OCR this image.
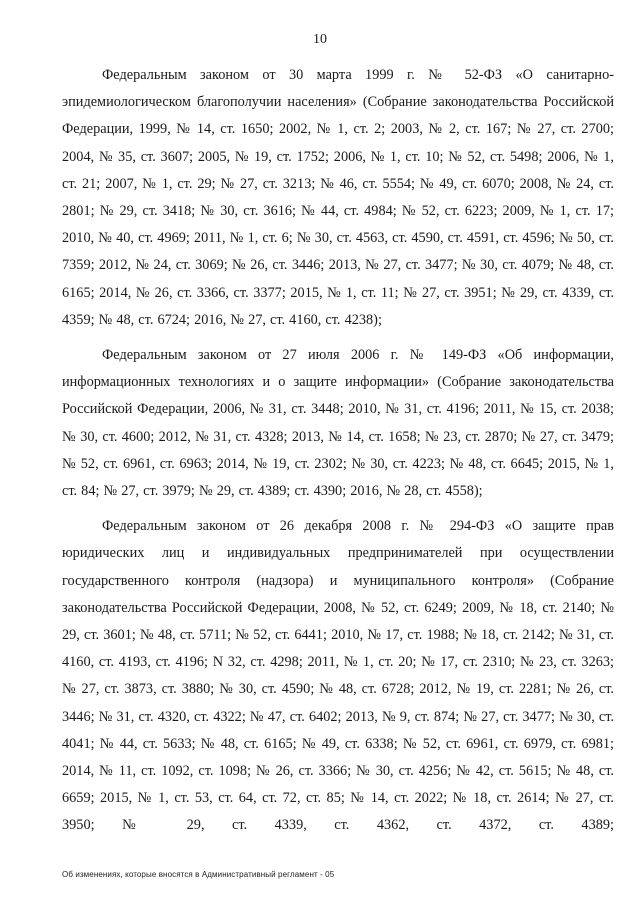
10

Федеральным законом от 30 марта 1999 г. № 52-ФЗ «О санитарно-эпидемиологическом благополучии населения» (Собрание законодательства Российской Федерации, 1999, № 14, ст. 1650; 2002, № 1, ст. 2; 2003, № 2, ст. 167; № 27, ст. 2700; 2004, № 35, ст. 3607; 2005, № 19, ст. 1752; 2006, № 1, ст. 10; № 52, ст. 5498; 2006, № 1, ст. 21; 2007, № 1, ст. 29; № 27, ст. 3213; № 46, ст. 5554; № 49, ст. 6070; 2008, № 24, ст. 2801; № 29, ст. 3418; № 30, ст. 3616; № 44, ст. 4984; № 52, ст. 6223; 2009, № 1, ст. 17; 2010, № 40, ст. 4969; 2011, № 1, ст. 6; № 30, ст. 4563, ст. 4590, ст. 4591, ст. 4596; № 50, ст. 7359; 2012, № 24, ст. 3069; № 26, ст. 3446; 2013, № 27, ст. 3477; № 30, ст. 4079; № 48, ст. 6165; 2014, № 26, ст. 3366, ст. 3377; 2015, № 1, ст. 11; № 27, ст. 3951; № 29, ст. 4339, ст. 4359; № 48, ст. 6724; 2016, № 27, ст. 4160, ст. 4238);

Федеральным законом от 27 июля 2006 г. № 149-ФЗ «Об информации, информационных технологиях и о защите информации» (Собрание законодательства Российской Федерации, 2006, № 31, ст. 3448; 2010, № 31, ст. 4196; 2011, № 15, ст. 2038; № 30, ст. 4600; 2012, № 31, ст. 4328; 2013, № 14, ст. 1658; № 23, ст. 2870; № 27, ст. 3479; № 52, ст. 6961, ст. 6963; 2014, № 19, ст. 2302; № 30, ст. 4223; № 48, ст. 6645; 2015, № 1, ст. 84; № 27, ст. 3979; № 29, ст. 4389; ст. 4390; 2016, № 28, ст. 4558);

Федеральным законом от 26 декабря 2008 г. № 294-ФЗ «О защите прав юридических лиц и индивидуальных предпринимателей при осуществлении государственного контроля (надзора) и муниципального контроля» (Собрание законодательства Российской Федерации, 2008, № 52, ст. 6249; 2009, № 18, ст. 2140; № 29, ст. 3601; № 48, ст. 5711; № 52, ст. 6441; 2010, № 17, ст. 1988; № 18, ст. 2142; № 31, ст. 4160, ст. 4193, ст. 4196; N 32, ст. 4298; 2011, № 1, ст. 20; № 17, ст. 2310; № 23, ст. 3263; № 27, ст. 3873, ст. 3880; № 30, ст. 4590; № 48, ст. 6728; 2012, № 19, ст. 2281; № 26, ст. 3446; № 31, ст. 4320, ст. 4322; № 47, ст. 6402; 2013, № 9, ст. 874; № 27, ст. 3477; № 30, ст. 4041; № 44, ст. 5633; № 48, ст. 6165; № 49, ст. 6338; № 52, ст. 6961, ст. 6979, ст. 6981; 2014, № 11, ст. 1092, ст. 1098; № 26, ст. 3366; № 30, ст. 4256; № 42, ст. 5615; № 48, ст. 6659; 2015, № 1, ст. 53, ст. 64, ст. 72, ст. 85; № 14, ст. 2022; № 18, ст. 2614; № 27, ст. 3950; № 29, ст. 4339, ст. 4362, ст. 4372, ст. 4389;

Об изменениях, которые вносятся в Административный регламент - 05
